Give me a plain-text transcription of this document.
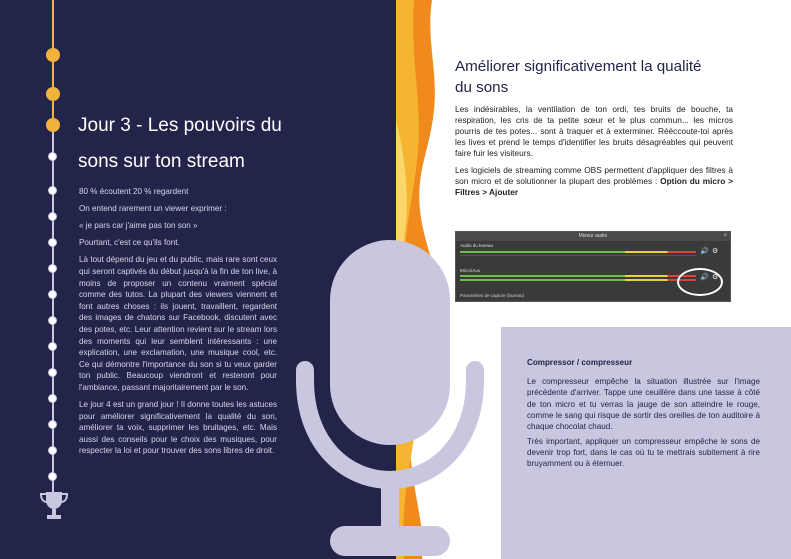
Jour 3 - Les pouvoirs du
sons sur ton stream

80 % écoutent 20 % regardent

On entend rarement un viewer exprimer :

« je pars car j'aime pas ton son »

Pourtant, c'est ce qu'ils font.

Là tout dépend du jeu et du public, mais rare sont ceux qui seront captivés du début jusqu'à la fin de ton live, à moins de proposer un contenu vraiment spécial comme des tutos. La plupart des viewers viennent et font autres choses : ils jouent, travaillent, regardent des images de chatons sur Facebook, discutent avec des potes, etc. Leur attention revient sur le stream lors des moments qui leur semblent intéressants : une explication, une exclamation, une musique cool, etc. Ce qui démontre l'importance du son si tu veux garder ton public. Beaucoup viendront et resteront pour l'ambiance, passant majoritairement par le son.

Le jour 4 est un grand jour ! Il donne toutes les astuces pour améliorer significativement la qualité du son, améliorer ta voix, supprimer les bruitages, etc. Mais aussi des conseils pour le choix des musiques, pour respecter la loi et pour trouver des sons libres de droit.

Améliorer significativement la qualité
du sons

Les indésirables, la ventilation de ton ordi, tes bruits de bouche, ta respiration, les cris de ta petite sœur et le plus commun... les micros pourris de tes potes... sont à traquer et à exterminer. Rééccoute-toi après les lives et prend le temps d'identifier les bruits désagréables qui peuvent faire fuir les visiteurs.

Les logiciels de streaming comme OBS permettent d'appliquer des filtres à son micro et de solutionner la plupart des problèmes : Option du micro > Filtres > Ajouter

Mixeur audio	×
Audio du bureau
Micro/Aux
🔊 ⚙
🔊 ⚙
Paramètres de capture (bureau)

Compressor / compresseur

Le compresseur empêche la situation illustrée sur l'image précédente d'arriver. Tappe une ceuillère dans une tasse à côté de ton micro et tu verras la jauge de son atteindre le rouge, comme le sang qui risque de sortir des oreilles de ton auditoire à chaque chocolat chaud.

Très important, appliquer un compresseur empêche le sons de devenir trop fort, dans le cas où tu te mettrais subitement à rire bruyamment ou à éternuer.
